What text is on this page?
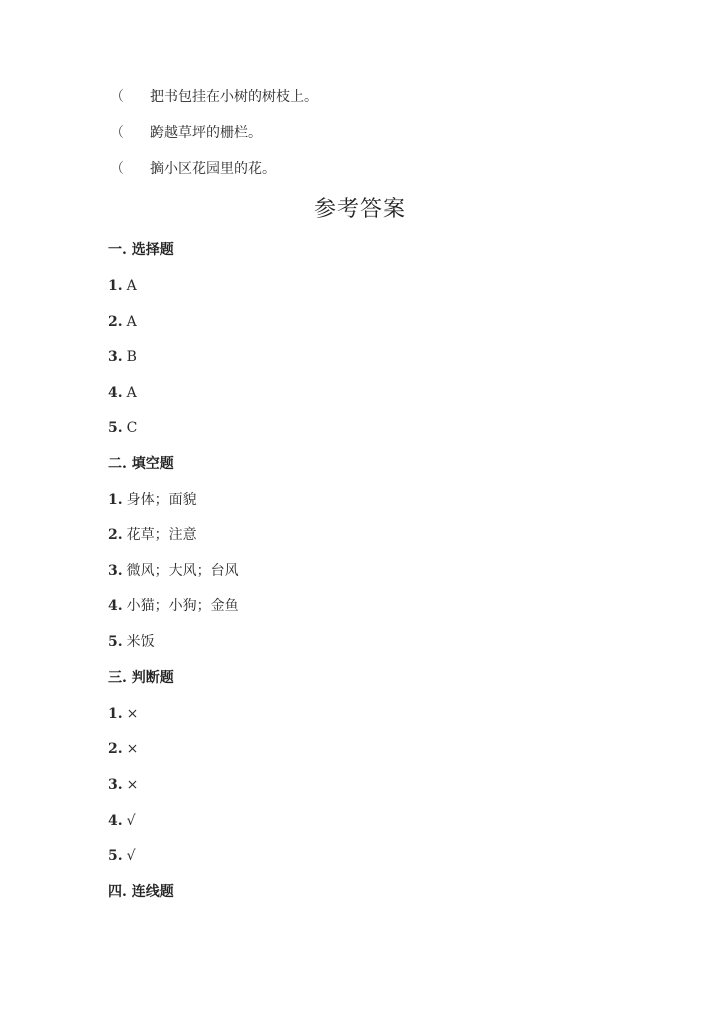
（　　）把书包挂在小树的树枝上。
（　　）跨越草坪的栅栏。
（　　）摘小区花园里的花。
参考答案
一. 选择题
1. A
2. A
3. B
4. A
5. C
二. 填空题
1. 身体；面貌
2. 花草；注意
3. 微风；大风；台风
4. 小猫；小狗；金鱼
5. 米饭
三. 判断题
1. ×
2. ×
3. ×
4. √
5. √
四. 连线题
